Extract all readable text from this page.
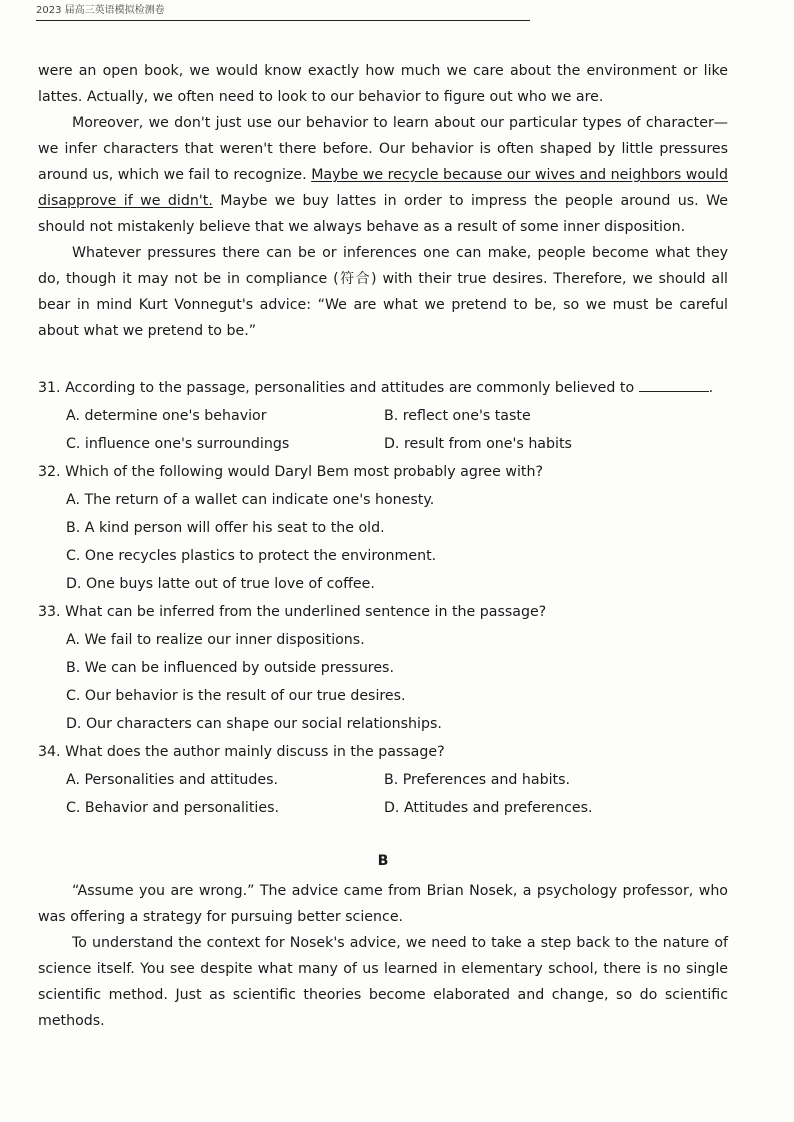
2023 届高三英语模拟检测卷

were an open book, we would know exactly how much we care about the environment or like lattes. Actually, we often need to look to our behavior to figure out who we are.

Moreover, we don't just use our behavior to learn about our particular types of character—we infer characters that weren't there before. Our behavior is often shaped by little pressures around us, which we fail to recognize. Maybe we recycle because our wives and neighbors would disapprove if we didn't. Maybe we buy lattes in order to impress the people around us. We should not mistakenly believe that we always behave as a result of some inner disposition.

Whatever pressures there can be or inferences one can make, people become what they do, though it may not be in compliance (符合) with their true desires. Therefore, we should all bear in mind Kurt Vonnegut's advice: “We are what we pretend to be, so we must be careful about what we pretend to be.”

31. According to the passage, personalities and attitudes are commonly believed to	.
A. determine one's behavior	B. reflect one's taste
C. influence one's surroundings	D. result from one's habits
32. Which of the following would Daryl Bem most probably agree with?
A. The return of a wallet can indicate one's honesty.
B. A kind person will offer his seat to the old.
C. One recycles plastics to protect the environment.
D. One buys latte out of true love of coffee.
33. What can be inferred from the underlined sentence in the passage?
A. We fail to realize our inner dispositions.
B. We can be influenced by outside pressures.
C. Our behavior is the result of our true desires.
D. Our characters can shape our social relationships.
34. What does the author mainly discuss in the passage?
A. Personalities and attitudes.	B. Preferences and habits.
C. Behavior and personalities.	D. Attitudes and preferences.
B

“Assume you are wrong.” The advice came from Brian Nosek, a psychology professor, who was offering a strategy for pursuing better science.

To understand the context for Nosek's advice, we need to take a step back to the nature of science itself. You see despite what many of us learned in elementary school, there is no single scientific method. Just as scientific theories become elaborated and change, so do scientific methods.
